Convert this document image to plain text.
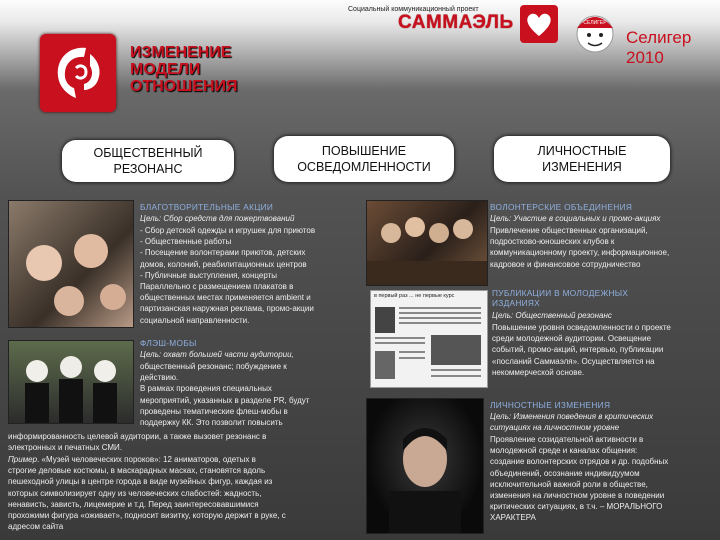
Социальный коммуникационный проект
САММАЭЛЬ	СЕЛИГЕР
Селигер 2010
ИЗМЕНЕНИЕ
МОДЕЛИ
ОТНОШЕНИЯ
ОБЩЕСТВЕННЫЙ
РЕЗОНАНС
ПОВЫШЕНИЕ
ОСВЕДОМЛЕННОСТИ
ЛИЧНОСТНЫЕ
ИЗМЕНЕНИЯ
в первый раз ... не первые курс
БЛАГОТВОРИТЕЛЬНЫЕ АКЦИИ
Цель: Сбор средств для пожертвований
- Сбор детской одежды и игрушек для приютов
- Общественные работы
- Посещение волонтерами приютов, детских
домов, колоний, реабилитационных центров
- Публичные выступления, концерты
Параллельно с размещением плакатов в
общественных местах применяется ambient и
партизанская наружная реклама, промо-акции
социальной направленности.
ФЛЭШ-МОБЫ
Цель: охват большей части аудитории,
общественный резонанс; побуждение к
действию.
В рамках проведения специальных
мероприятий, указанных в разделе PR, будут
проведены тематические флеш-мобы в
поддержку КК. Это позволит повысить
информированность целевой аудитории, а также вызовет резонанс в
электронных и печатных СМИ.
Пример. «Музей человеческих пороков»: 12 аниматоров, одетых в
строгие деловые костюмы, в маскарадных масках, становятся вдоль
пешеходной улицы в центре города в виде музейных фигур, каждая из
которых символизирует одну из человеческих слабостей: жадность,
ненависть, зависть, лицемерие и т.д. Перед заинтересовавшимися
прохожими фигура «оживает», подносит визитку, которую держит в руке, с
адресом сайта
ВОЛОНТЕРСКИЕ ОБЪЕДИНЕНИЯ
Цель: Участие в социальных и промо-акциях
Привлечение общественных организаций,
подростково-юношеских клубов к
коммуникационному проекту, информационное,
кадровое и финансовое сотрудничество
ПУБЛИКАЦИИ В МОЛОДЕЖНЫХ
ИЗДАНИЯХ
Цель: Общественный резонанс
Повышение уровня осведомленности о проекте
среди молодежной аудитории. Освещение
событий, промо-акций, интервью, публикации
«посланий Саммаэля». Осуществляется на
некоммерческой основе.
ЛИЧНОСТНЫЕ ИЗМЕНЕНИЯ
Цель: Изменения поведения в критических
ситуациях на личностном уровне
Проявление созидательной активности в
молодежной среде и каналах общения:
создание волонтерских отрядов и др. подобных
объединений, осознание индивидуумом
исключительной важной роли в обществе,
изменения на личностном уровне в поведении
критических ситуациях, в т.ч. – МОРАЛЬНОГО
ХАРАКТЕРА
